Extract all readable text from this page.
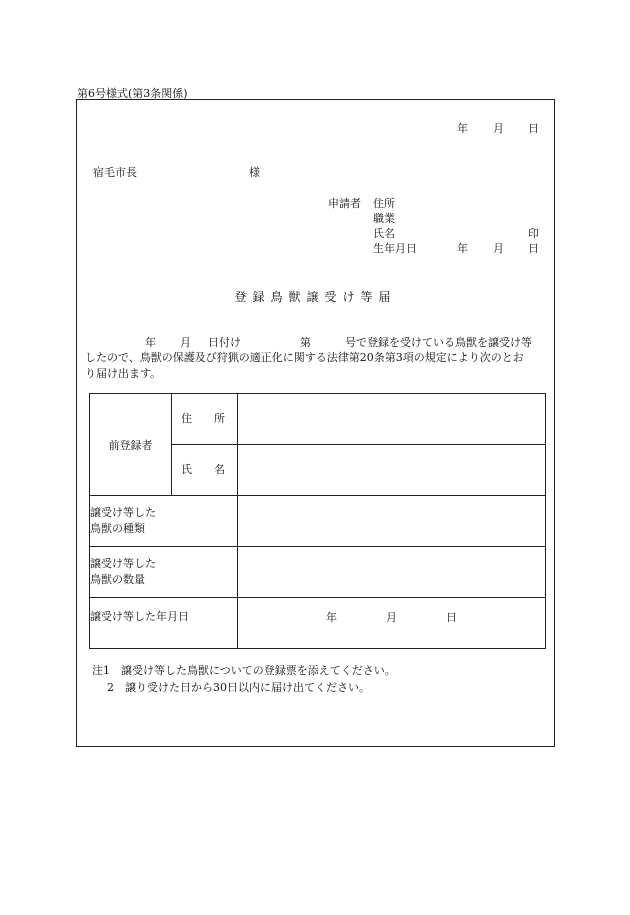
第6号様式(第3条関係)
年 月 日
宿毛市長	様
申請者 住所
職業
氏名	印
生年月日	年 月 日
登録鳥獣譲受け等届
年 月 日付け	第	号で登録を受けている鳥獣を譲受け等
したので、鳥獣の保護及び狩猟の適正化に関する法律第20条第3項の規定により次のとお
り届け出ます。
前登録者	住　　所	
	氏　　名	

譲受け等した
鳥獣の種類		

譲受け等した
鳥獣の数量		

譲受け等した年月日		年 月 日
注1　譲受け等した鳥獣についての登録票を添えてください。
2　譲り受けた日から30日以内に届け出てください。
